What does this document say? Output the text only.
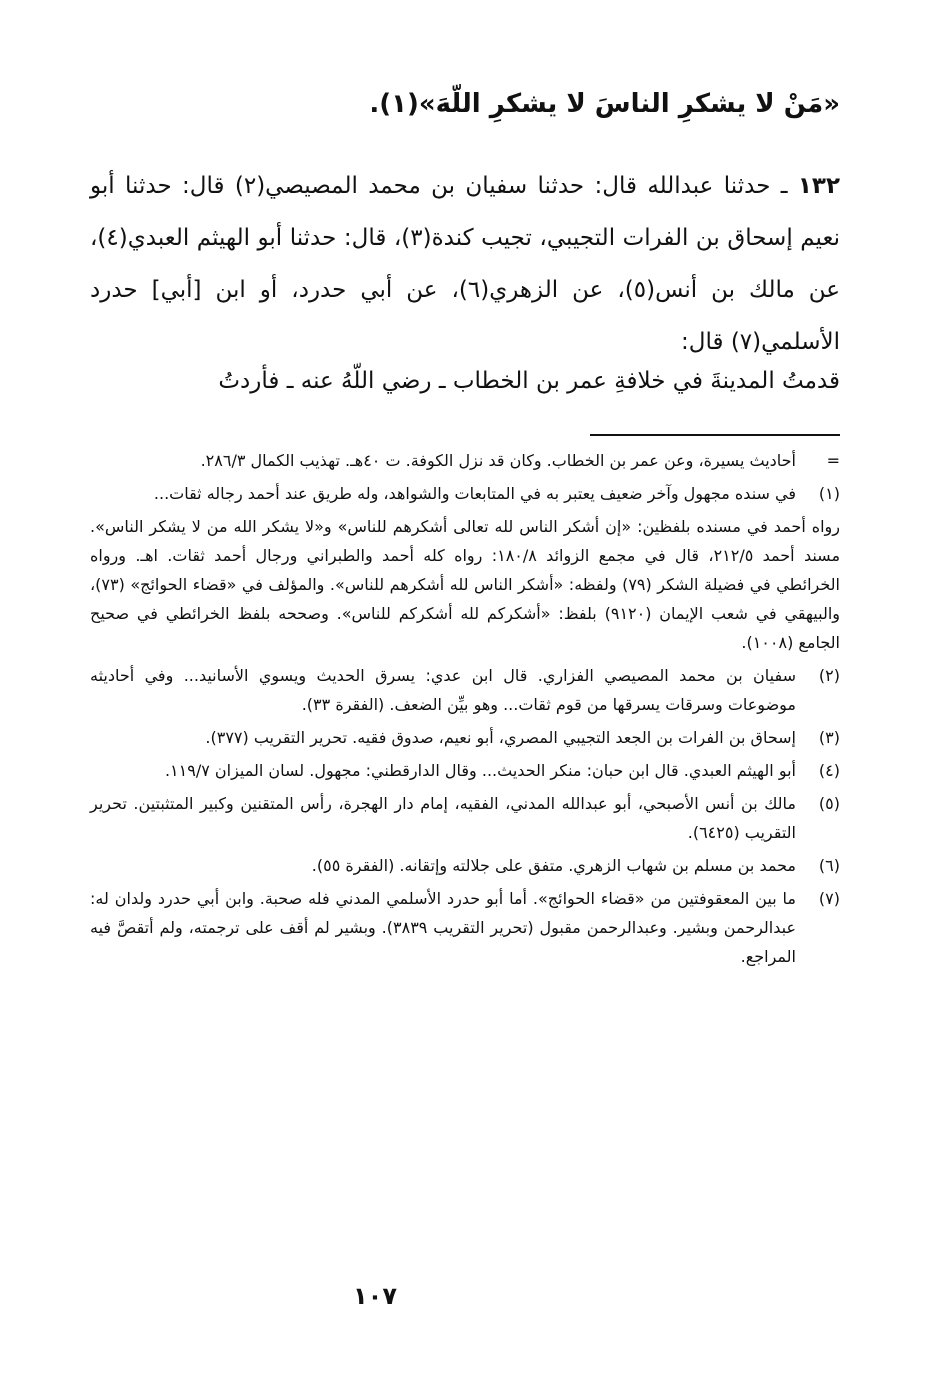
«مَنْ لا يشكرِ الناسَ لا يشكرِ اللّهَ»(١).
١٣٢ ـ حدثنا عبدالله قال: حدثنا سفيان بن محمد المصيصي(٢) قال: حدثنا أبو نعيم إسحاق بن الفرات التجيبي، تجيب كندة(٣)، قال: حدثنا أبو الهيثم العبدي(٤)، عن مالك بن أنس(٥)، عن الزهري(٦)، عن أبي حدرد، أو ابن [أبي] حدرد الأسلمي(٧) قال:
قدمتُ المدينةَ في خلافةِ عمر بن الخطاب ـ رضي اللّهُ عنه ـ فأردتُ
=
أحاديث يسيرة، وعن عمر بن الخطاب. وكان قد نزل الكوفة. ت ٤٠هـ. تهذيب الكمال ٢٨٦/٣.
(١)
في سنده مجهول وآخر ضعيف يعتبر به في المتابعات والشواهد، وله طريق عند أحمد رجاله ثقات...
رواه أحمد في مسنده بلفظين: «إن أشكر الناس لله تعالى أشكرهم للناس» و«لا يشكر الله من لا يشكر الناس». مسند أحمد ٢١٢/٥، قال في مجمع الزوائد ١٨٠/٨: رواه كله أحمد والطبراني ورجال أحمد ثقات. اهـ. ورواه الخرائطي في فضيلة الشكر (٧٩) ولفظه: «أشكر الناس لله أشكرهم للناس». والمؤلف في «قضاء الحوائج» (٧٣)، والبيهقي في شعب الإيمان (٩١٢٠) بلفظ: «أشكركم لله أشكركم للناس». وصححه بلفظ الخرائطي في صحيح الجامع (١٠٠٨).
(٢)
سفيان بن محمد المصيصي الفزاري. قال ابن عدي: يسرق الحديث ويسوي الأسانيد... وفي أحاديثه موضوعات وسرقات يسرقها من قوم ثقات... وهو بيِّن الضعف. (الفقرة ٣٣).
(٣)
إسحاق بن الفرات بن الجعد التجيبي المصري، أبو نعيم، صدوق فقيه. تحرير التقريب (٣٧٧).
(٤)
أبو الهيثم العبدي. قال ابن حبان: منكر الحديث... وقال الدارقطني: مجهول. لسان الميزان ١١٩/٧.
(٥)
مالك بن أنس الأصبحي، أبو عبدالله المدني، الفقيه، إمام دار الهجرة، رأس المتقنين وكبير المتثبتين. تحرير التقريب (٦٤٢٥).
(٦)
محمد بن مسلم بن شهاب الزهري. متفق على جلالته وإتقانه. (الفقرة ٥٥).
(٧)
ما بين المعقوفتين من «قضاء الحوائج». أما أبو حدرد الأسلمي المدني فله صحبة. وابن أبي حدرد ولدان له: عبدالرحمن وبشير. وعبدالرحمن مقبول (تحرير التقريب ٣٨٣٩). وبشير لم أقف على ترجمته، ولم أتقصَّ فيه المراجع.
١٠٧
